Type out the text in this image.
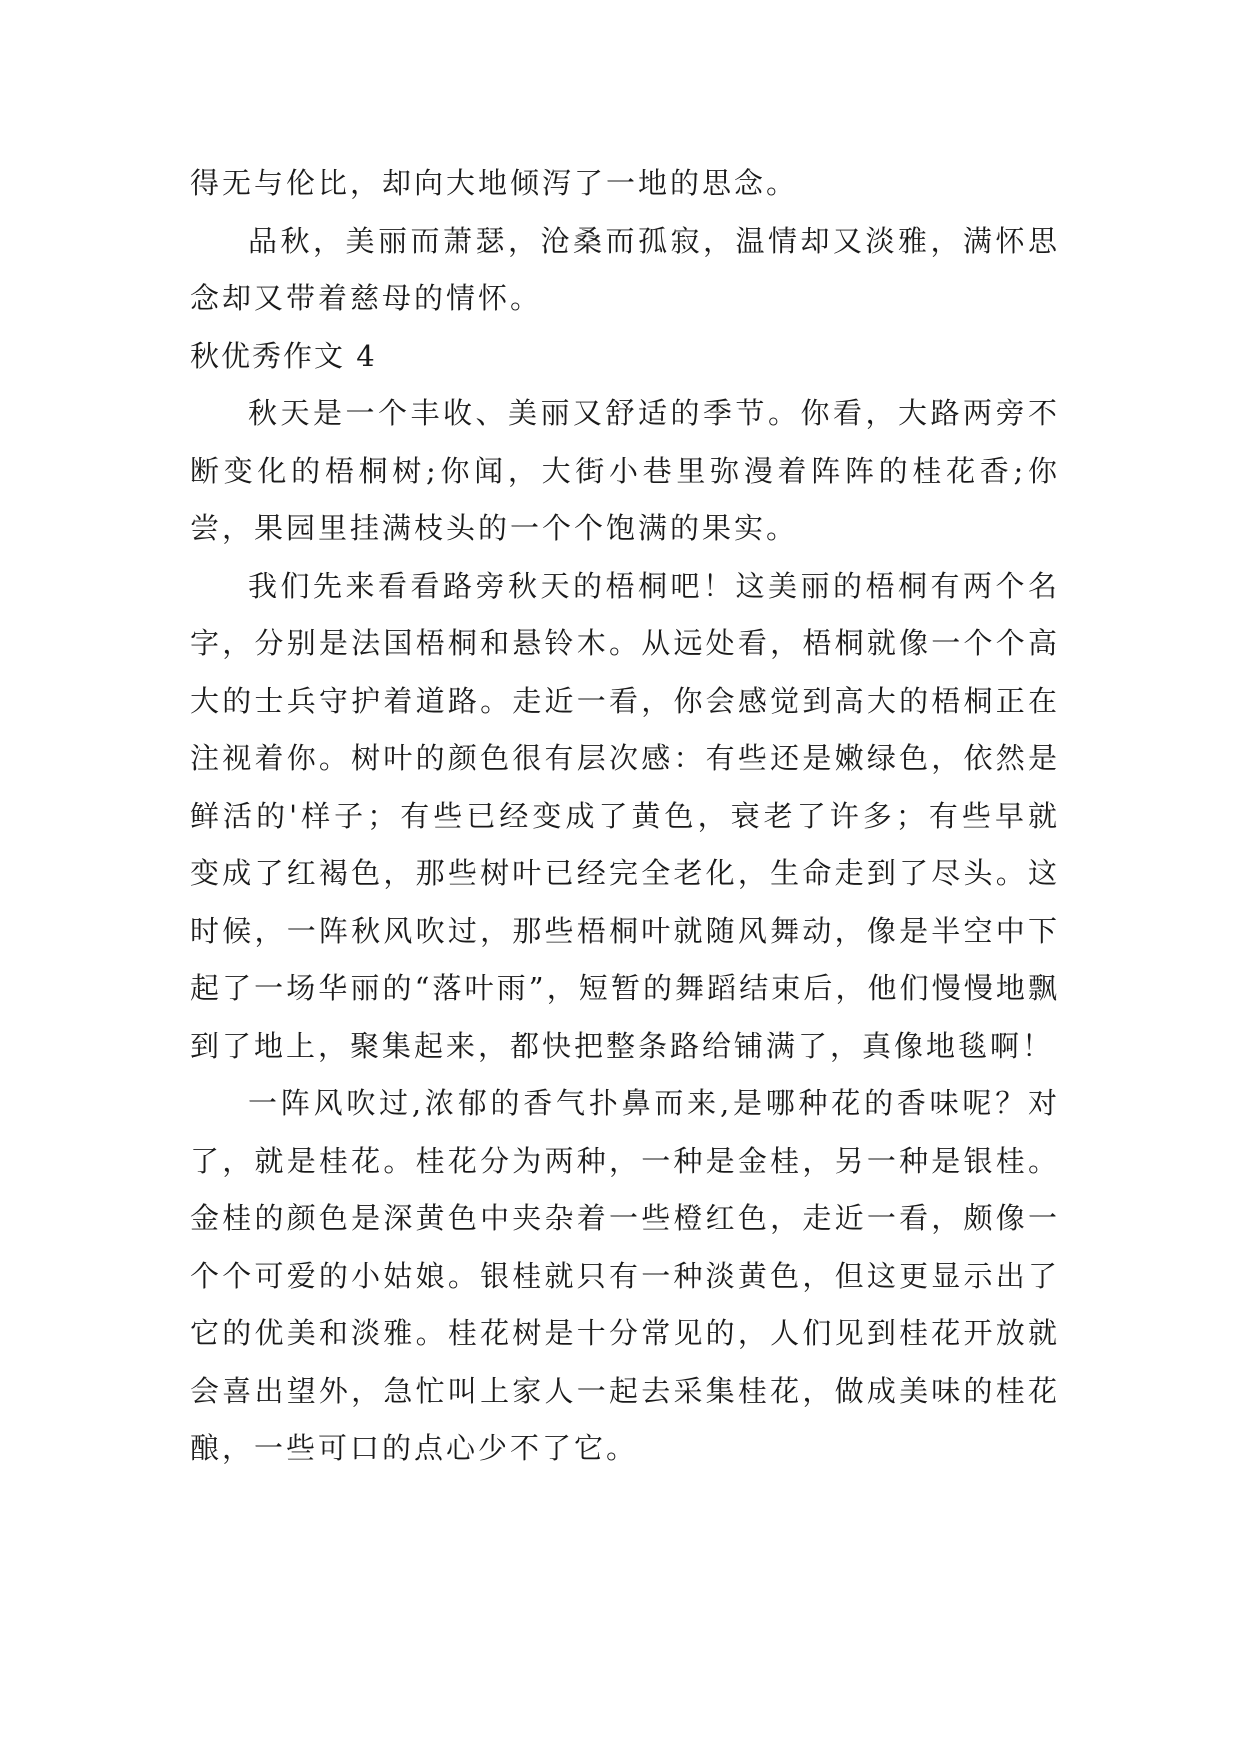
得无与伦比，却向大地倾泻了一地的思念。

品秋，美丽而萧瑟，沧桑而孤寂，温情却又淡雅，满怀思念却又带着慈母的情怀。

秋优秀作文 4

秋天是一个丰收、美丽又舒适的季节。你看，大路两旁不断变化的梧桐树;你闻，大街小巷里弥漫着阵阵的桂花香;你尝，果园里挂满枝头的一个个饱满的果实。

我们先来看看路旁秋天的梧桐吧！这美丽的梧桐有两个名字，分别是法国梧桐和悬铃木。从远处看，梧桐就像一个个高大的士兵守护着道路。走近一看，你会感觉到高大的梧桐正在注视着你。树叶的颜色很有层次感：有些还是嫩绿色，依然是鲜活的'样子；有些已经变成了黄色，衰老了许多；有些早就变成了红褐色，那些树叶已经完全老化，生命走到了尽头。这时候，一阵秋风吹过，那些梧桐叶就随风舞动，像是半空中下起了一场华丽的“落叶雨”，短暂的舞蹈结束后，他们慢慢地飘到了地上，聚集起来，都快把整条路给铺满了，真像地毯啊！

一阵风吹过,浓郁的香气扑鼻而来,是哪种花的香味呢？对了，就是桂花。桂花分为两种，一种是金桂，另一种是银桂。金桂的颜色是深黄色中夹杂着一些橙红色，走近一看，颇像一个个可爱的小姑娘。银桂就只有一种淡黄色，但这更显示出了它的优美和淡雅。桂花树是十分常见的，人们见到桂花开放就会喜出望外，急忙叫上家人一起去采集桂花，做成美味的桂花酿，一些可口的点心少不了它。
